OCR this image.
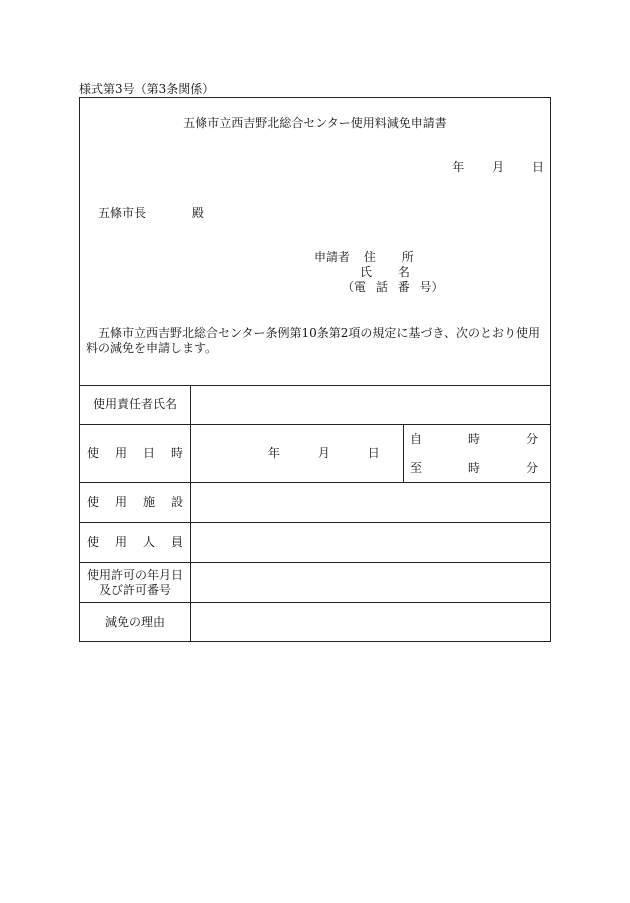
様式第3号（第3条関係）
五條市立西吉野北総合センター使用料減免申請書
年 月 日
五條市長	殿
申請者 住 所
氏 名
（電 話 番 号）
五條市立西吉野北総合センター条例第10条第2項の規定に基づき、次のとおり使用料の減免を申請します。
使用責任者氏名
使 用 日 時	年	月	日
自	時	分
至	時	分
使 用 施 設
使 用 人 員
使用許可の年月日
及び許可番号
減免の理由
